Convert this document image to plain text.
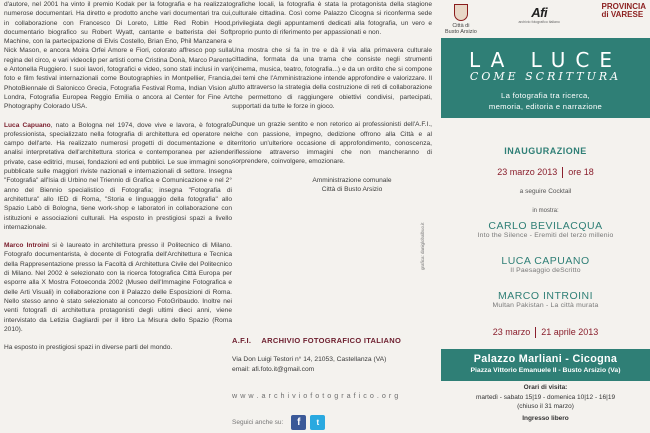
d'autore, nel 2001 ha vinto il premio Kodak per la fotografia e ha realizzato numerose documentari. Ha diretto e prodotto anche vari documentari tra cui, in collaborazione con Francesco Di Loreto, Little Red Robin Hood, documentario biografico su Robert Wyatt, cantante e batterista dei Soft Machine, con la partecipazione di Elvis Costello, Brian Eno, Phil Manzanera e Nick Mason, e ancora Moira Orfei Amore e Fiori, colorato affresco pop sulla regina del circo, e vari videoclip per artisti come Cristina Donà, Marco Parente e Antonella Ruggiero. I suoi lavori, fotografici e video, sono stati inclusi in vari foto e film festival internazionali come Boutographies in Montpellier, Francia, PhotoBiennale di Salonicco Grecia, Fotografia Festival Roma, Indian Vision a Londra, Fotografia Europea Reggio Emilia o ancora al Center for Fine Art Photography Colorado USA.

Luca Capuano, nato a Bologna nel 1974, dove vive e lavora, è fotografo professionista, specializzato nella fotografia di architettura ed operatore nel campo dell'arte. Ha realizzato numerosi progetti di documentazione e di analisi interpretativa dell'architettura storica e contemporanea per aziende private, case editrici, musei, fondazioni ed enti pubblici. Le sue immagini sono pubblicate sulle maggiori riviste nazionali e internazionali di settore. Insegna "Fotografia" all'Isia di Urbino nel Triennio di Grafica e Comunicazione e nel 2° anno del Biennio specialistico di Fotografia; insegna "Fotografia di architettura" allo IED di Roma, "Storia e linguaggio della fotografia" allo Spazio Labò di Bologna, tiene work-shop e laboratori in collaborazione con istituzioni e associazioni culturali. Ha esposto in prestigiosi spazi a livello internazionale.

Marco Introini si è laureato in architettura presso il Politecnico di Milano. Fotografo documentarista, è docente di Fotografia dell'Architettura e Tecnica della Rappresentazione presso la Facoltà di Architettura Civile del Politecnico di Milano. Nel 2002 è selezionato con la ricerca fotografica Città Europa per esporre alla X Mostra Fotoeconda 2002 (Museo dell'Immagine Fotografica e delle Arti Visuali) in collaborazione con il Palazzo delle Esposizioni di Roma. Nello stesso anno è stato selezionato al concorso FotoGribaudo. Inoltre nei venti fotografi di architettura protagonisti degli ultimi dieci anni, viene intervistato da Letizia Gagliardi per il libro La Misura dello Spazio (Roma 2010).

Ha esposto in prestigiosi spazi in diverse parti del mondo.

grafiche locali, la fotografia è stata la protagonista della stagione culturale cittadina. Così come Palazzo Cicogna si riconferma sede privilegiata degli appuntamenti dedicati alla fotografia, un vero e proprio punto di riferimento per appassionati e non.

Una mostra che si fa in tre e dà il via alla primavera culturale cittadina, formata da una trama che consiste negli strumenti (cinema, musica, teatro, fotografia...) e da un ordito che si compone dei temi che l'Amministrazione intende approfondire e valorizzare. Il tutto attraverso la strategia della costruzione di reti di collaborazione che permettono di raggiungere obiettivi condivisi, partecipati, supportati da tutte le forze in gioco.

Dunque un grazie sentito e non retorico ai professionisti dell'A.F.I., che con passione, impegno, dedizione offrono alla Città e al territorio un'ulteriore occasione di approfondimento, conoscenza, riflessione attraverso immagini che non mancheranno di sorprendere, coinvolgere, emozionare.

Amministrazione comunale
Città di Busto Arsizio
grafica: daniglobalbuo.it
A.F.I. ARCHIVIO FOTOGRAFICO ITALIANO
Via Don Luigi Testori n° 14, 21053, Castellanza (VA)
email: afi.foto.it@gmail.com
w w w . a r c h i v i o f o t o g r a f i c o . o r g
Seguici anche su:	f	t
Città di
Busto Arsizio
Afi
archivio fotografico italiano
PROVINCIA
di VARESE
LA LUCE
COME SCRITTURA
La fotografia tra ricerca,
memoria, editoria e narrazione
INAUGURAZIONE
23 marzo 2013 ore 18
a seguire Cocktail
in mostra:
CARLO BEVILACQUA
Into the Silence - Eremiti del terzo millenio
LUCA CAPUANO
Il Paesaggio deScritto
MARCO INTROINI
Multan Pakistan - La città murata
23 marzo 21 aprile 2013
Palazzo Marliani - Cicogna
Piazza Vittorio Emanuele II - Busto Arsizio (Va)
Orari di visita:
martedì - sabato 15|19 - domenica 10|12 - 16|19
(chiuso il 31 marzo)
Ingresso libero
